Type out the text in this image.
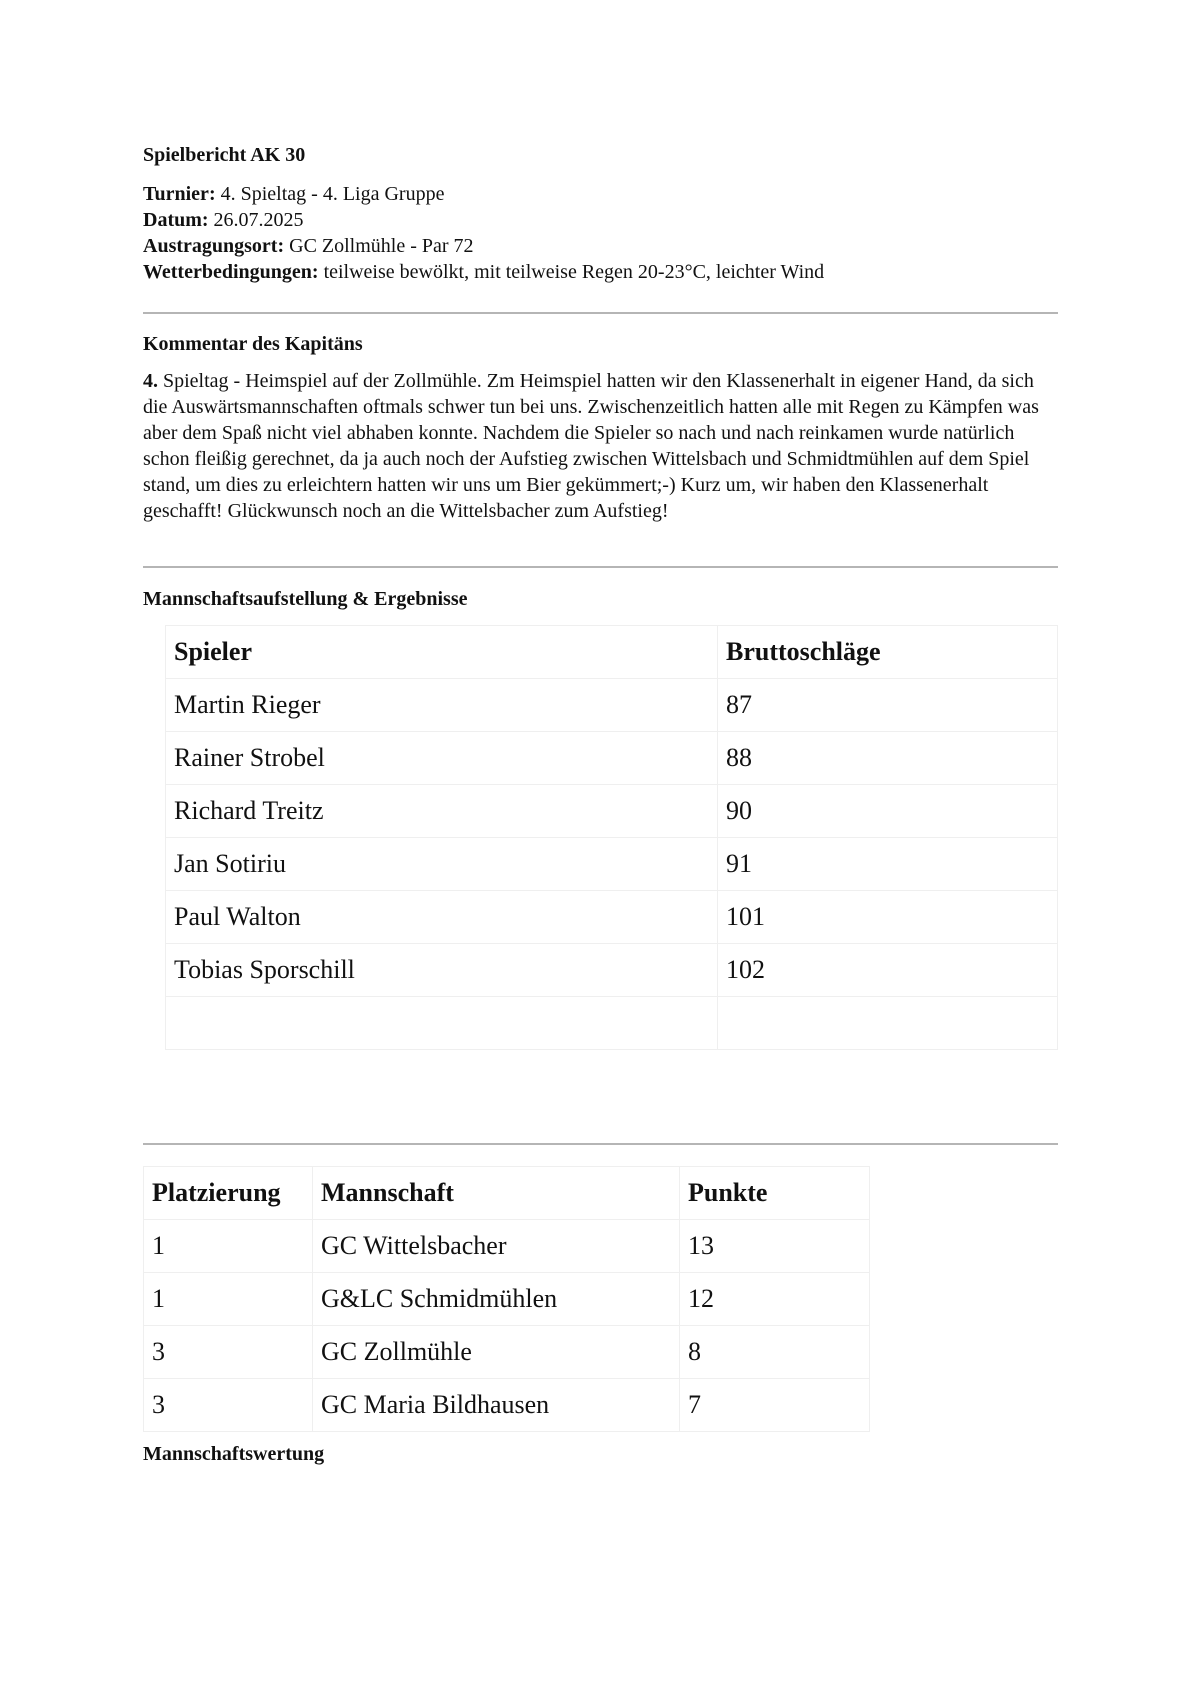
Spielbericht AK 30
Turnier: 4. Spieltag - 4. Liga Gruppe
Datum: 26.07.2025
Austragungsort: GC Zollmühle - Par 72
Wetterbedingungen: teilweise bewölkt, mit teilweise Regen 20-23°C, leichter Wind
Kommentar des Kapitäns
4. Spieltag - Heimspiel auf der Zollmühle. Zm Heimspiel hatten wir den Klassenerhalt in eigener Hand, da sich die Auswärtsmannschaften oftmals schwer tun bei uns. Zwischenzeitlich hatten alle mit Regen zu Kämpfen was aber dem Spaß nicht viel abhaben konnte. Nachdem die Spieler so nach und nach reinkamen wurde natürlich schon fleißig gerechnet, da ja auch noch der Aufstieg zwischen Wittelsbach und Schmidtmühlen auf dem Spiel stand, um dies zu erleichtern hatten wir uns um Bier gekümmert;-) Kurz um, wir haben den Klassenerhalt geschafft! Glückwunsch noch an die Wittelsbacher zum Aufstieg!
Mannschaftsaufstellung & Ergebnisse
Spieler	Bruttoschläge
Martin Rieger	87
Rainer Strobel	88
Richard Treitz	90
Jan Sotiriu	91
Paul Walton	101
Tobias Sporschill	102

Platzierung	Mannschaft	Punkte
1	GC Wittelsbacher	13
1	G&LC Schmidmühlen	12
3	GC Zollmühle	8
3	GC Maria Bildhausen	7
Mannschaftswertung
